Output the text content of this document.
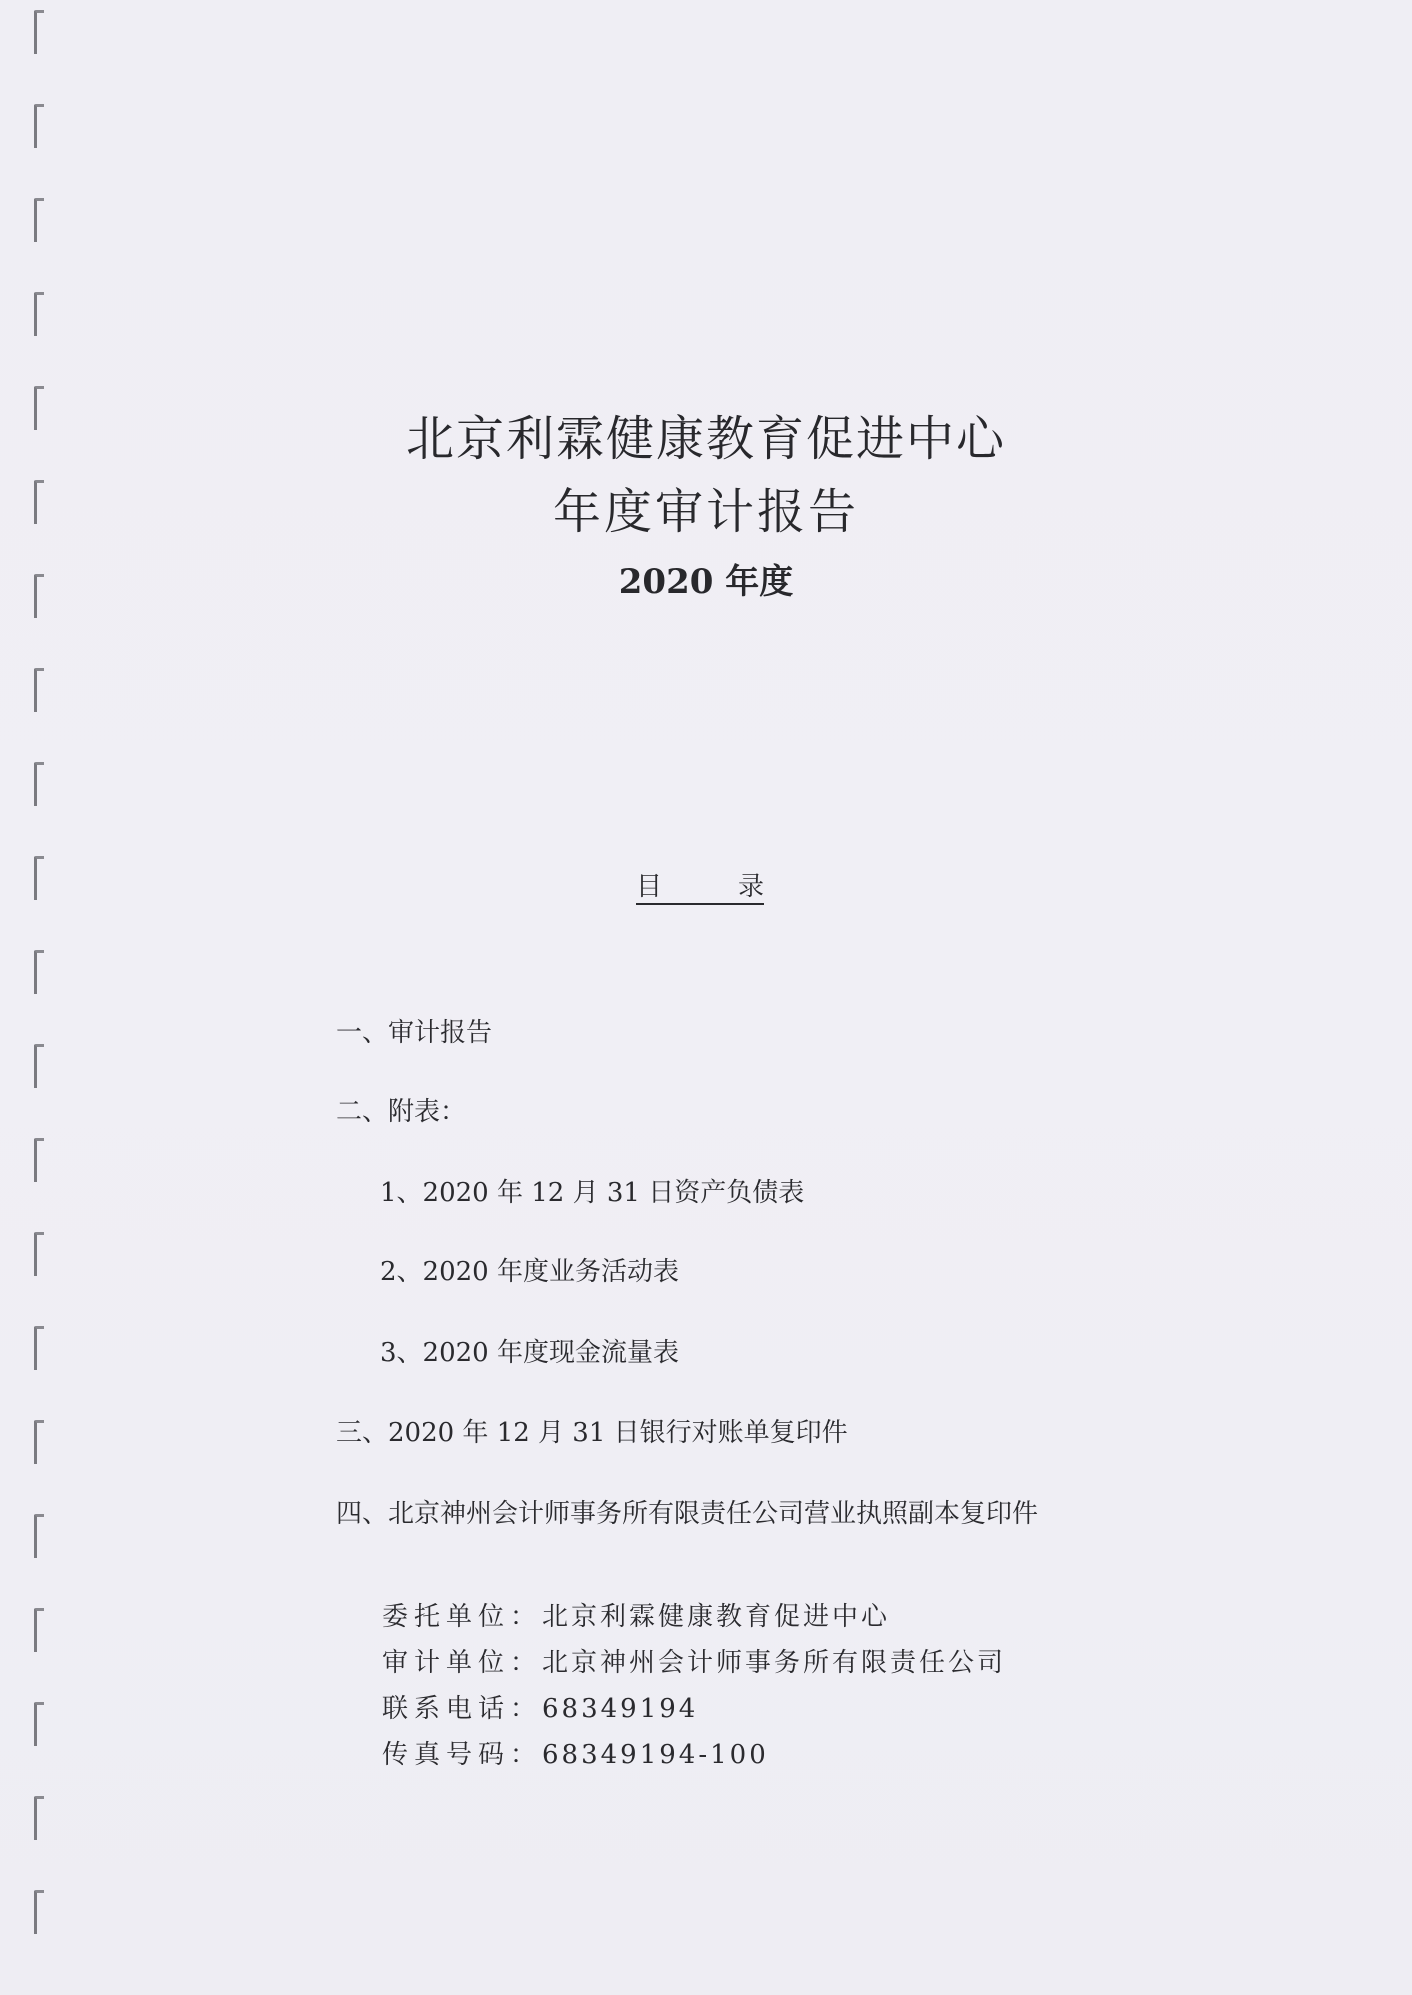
北京利霖健康教育促进中心
年度审计报告
2020 年度
目	录
一、审计报告
二、附表：
1、2020 年 12 月 31 日资产负债表
2、2020 年度业务活动表
3、2020 年度现金流量表
三、2020 年 12 月 31 日银行对账单复印件
四、北京神州会计师事务所有限责任公司营业执照副本复印件
委托单位：北京利霖健康教育促进中心
审计单位：北京神州会计师事务所有限责任公司
联系电话：68349194
传真号码：68349194-100
